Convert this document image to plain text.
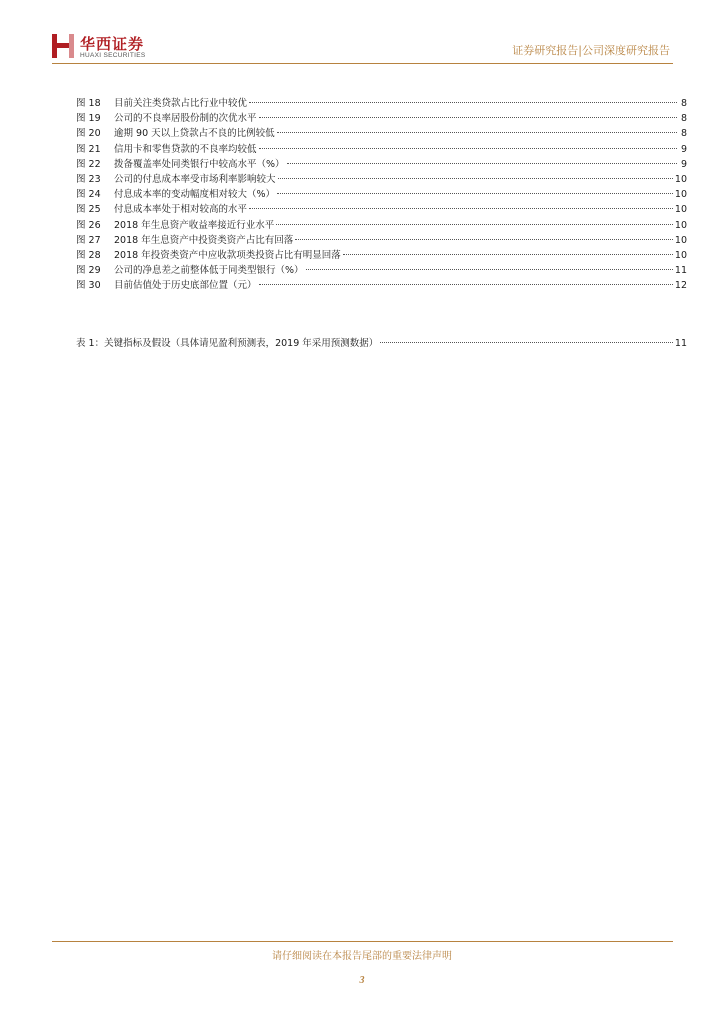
华西证券
HUAXI SECURITIES	证券研究报告|公司深度研究报告
图 18 目前关注类贷款占比行业中较优	8
图 19 公司的不良率居股份制的次优水平	8
图 20 逾期 90 天以上贷款占不良的比例较低	8
图 21 信用卡和零售贷款的不良率均较低	9
图 22 拨备覆盖率处同类银行中较高水平（%）	9
图 23 公司的付息成本率受市场利率影响较大	10
图 24 付息成本率的变动幅度相对较大（%）	10
图 25 付息成本率处于相对较高的水平	10
图 26 2018 年生息资产收益率接近行业水平	10
图 27 2018 年生息资产中投资类资产占比有回落	10
图 28 2018 年投资类资产中应收款项类投资占比有明显回落	10
图 29 公司的净息差之前整体低于同类型银行（%）	11
图 30 目前估值处于历史底部位置（元）	12
表 1：关键指标及假设（具体请见盈利预测表，2019 年采用预测数据）	11
请仔细阅读在本报告尾部的重要法律声明
3
